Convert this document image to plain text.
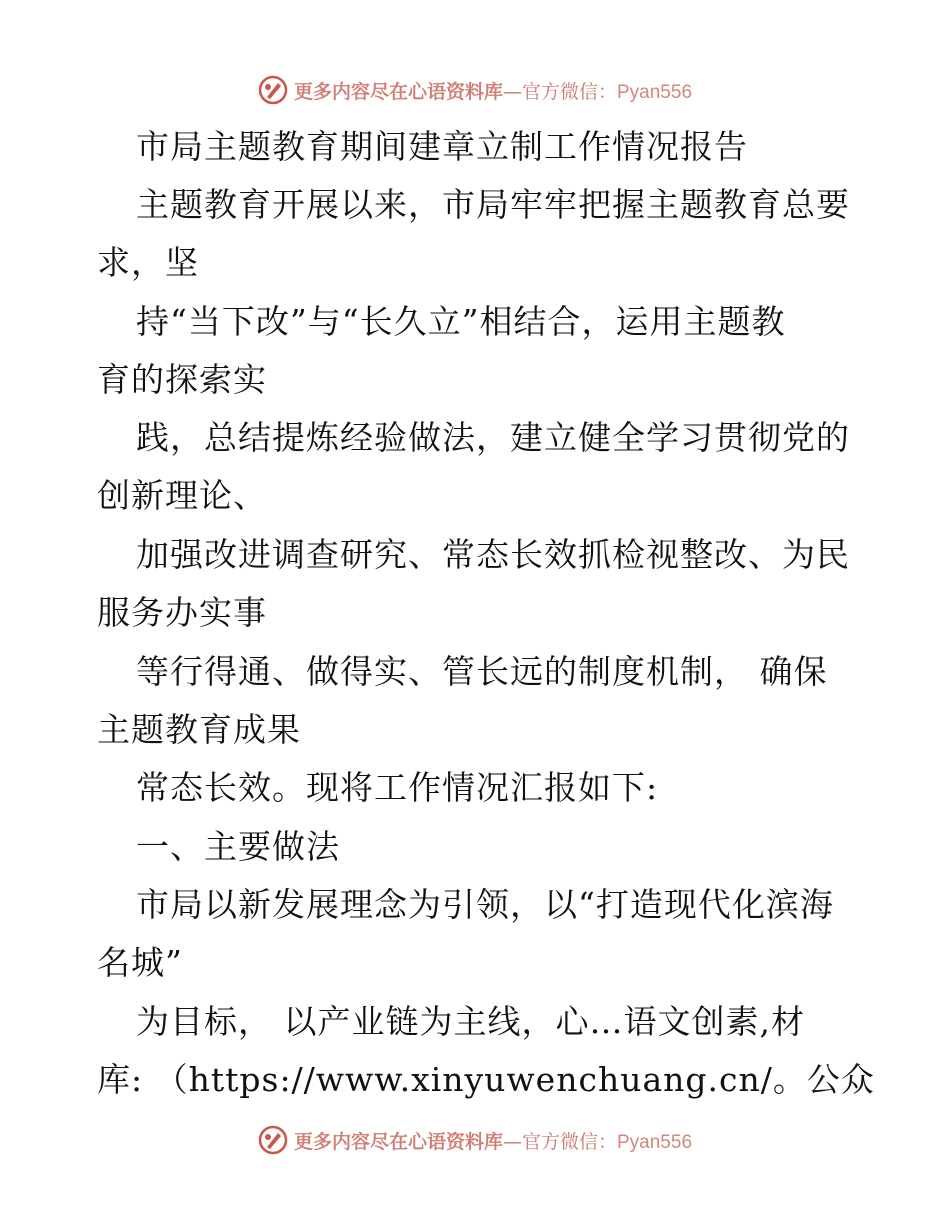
更多内容尽在心语资料库—官方微信：Pyan556
市局主题教育期间建章立制工作情况报告
主题教育开展以来，市局牢牢把握主题教育总要
求，坚
持“当下改”与“长久立”相结合，运用主题教
育的探索实
践，总结提炼经验做法，建立健全学习贯彻党的
创新理论、
加强改进调查研究、常态长效抓检视整改、为民
服务办实事
等行得通、做得实、管长远的制度机制， 确保
主题教育成果
常态长效。现将工作情况汇报如下:
一、主要做法
市局以新发展理念为引领，以“打造现代化滨海
名城”
为目标， 以产业链为主线，心…语文创素,材
库: （https://www.xinyuwenchuang.cn/。公众
更多内容尽在心语资料库—官方微信：Pyan556
